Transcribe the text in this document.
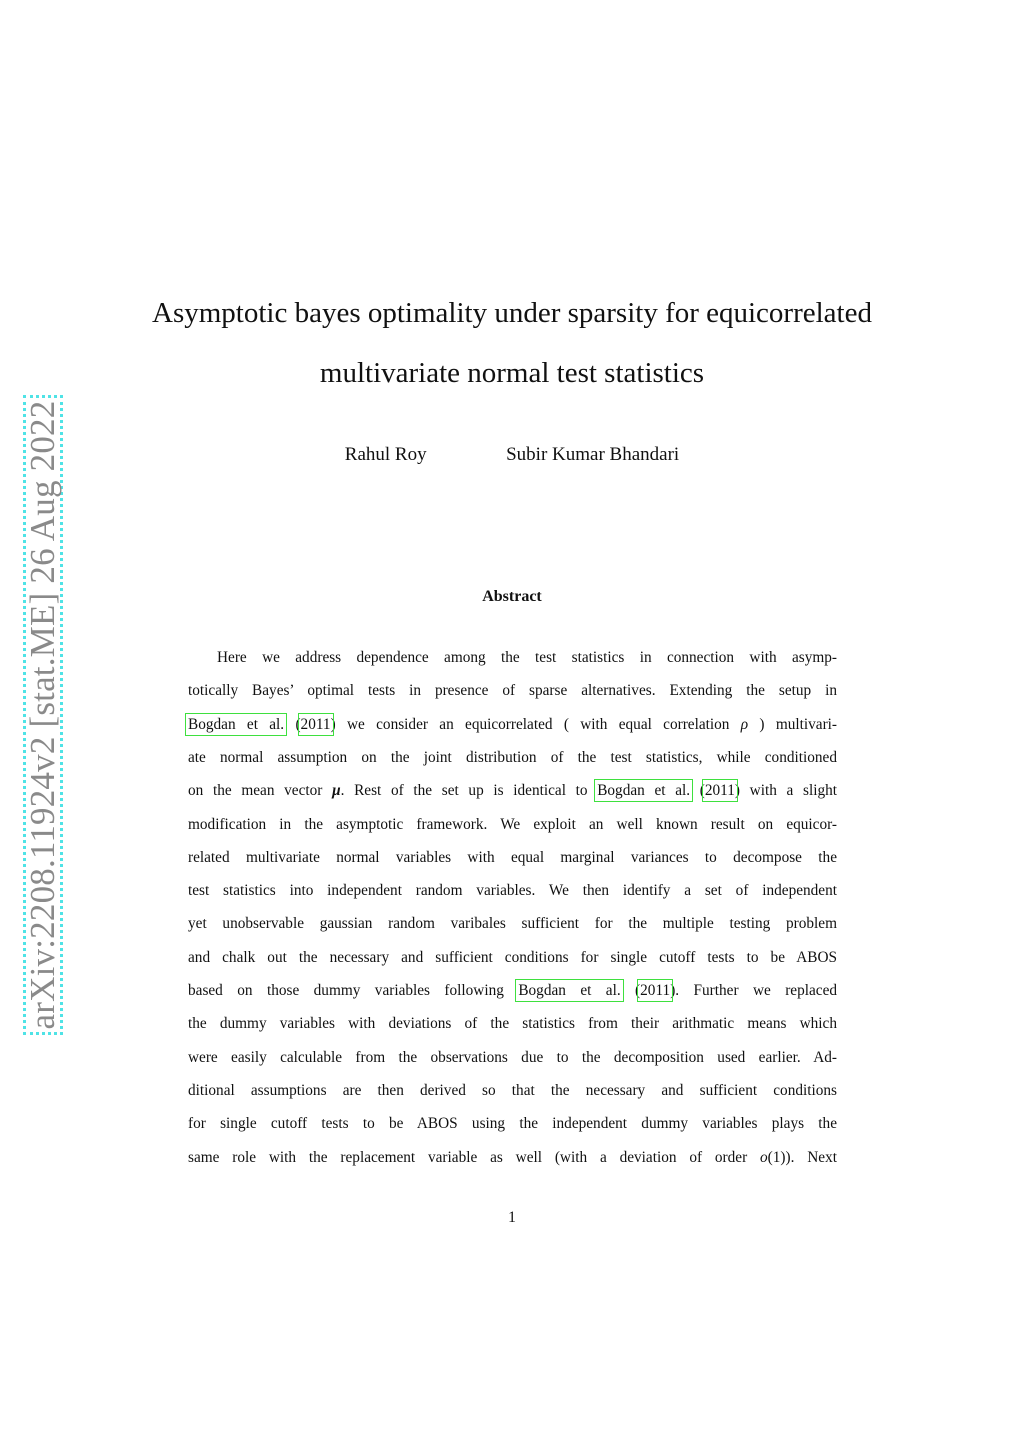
arXiv:2208.11924v2 [stat.ME] 26 Aug 2022
Asymptotic bayes optimality under sparsity for equicorrelated
multivariate normal test statistics
Rahul Roy	Subir Kumar Bhandari
Abstract
Here we address dependence among the test statistics in connection with asymp-
totically Bayes’ optimal tests in presence of sparse alternatives. Extending the setup in
Bogdan et al. (2011) we consider an equicorrelated ( with equal correlation ρ ) multivari-
ate normal assumption on the joint distribution of the test statistics, while conditioned
on the mean vector μ. Rest of the set up is identical to Bogdan et al. (2011) with a slight
modification in the asymptotic framework. We exploit an well known result on equicor-
related multivariate normal variables with equal marginal variances to decompose the
test statistics into independent random variables. We then identify a set of independent
yet unobservable gaussian random varibales sufficient for the multiple testing problem
and chalk out the necessary and sufficient conditions for single cutoff tests to be ABOS
based on those dummy variables following Bogdan et al. (2011). Further we replaced
the dummy variables with deviations of the statistics from their arithmatic means which
were easily calculable from the observations due to the decomposition used earlier. Ad-
ditional assumptions are then derived so that the necessary and sufficient conditions
for single cutoff tests to be ABOS using the independent dummy variables plays the
same role with the replacement variable as well (with a deviation of order o(1)). Next
1
